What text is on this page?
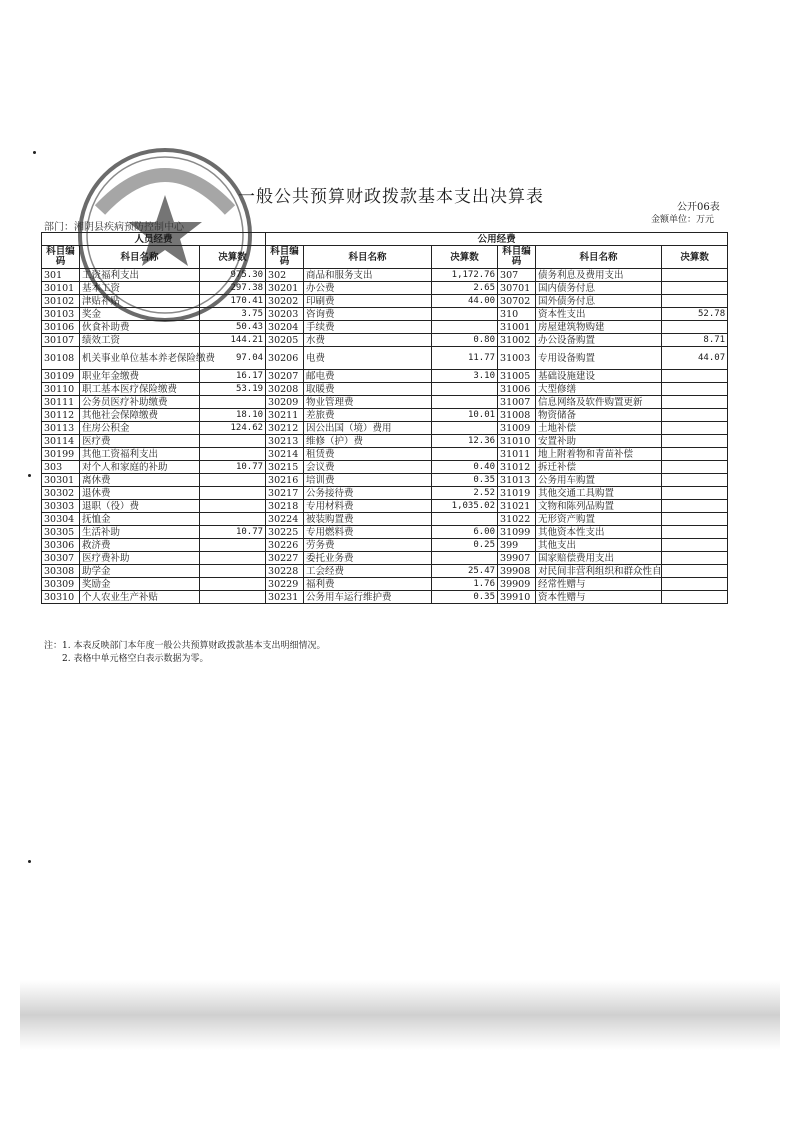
一般公共预算财政拨款基本支出决算表
公开06表
金额单位：万元
部门：湘阴县疾病预防控制中心
人员经费			公用经费					
科目编码	科目名称	决算数	科目编码	科目名称	决算数	科目编码	科目名称	决算数
301	工资福利支出	975.30	302	商品和服务支出	1,172.76	307	债务利息及费用支出	
30101	基本工资	297.38	30201	办公费	2.65	30701	国内债务付息	
30102	津贴补贴	170.41	30202	印刷费	44.00	30702	国外债务付息	
30103	奖金	3.75	30203	咨询费		310	资本性支出	52.78
30106	伙食补助费	50.43	30204	手续费		31001	房屋建筑物购建	
30107	绩效工资	144.21	30205	水费	0.80	31002	办公设备购置	8.71
30108	机关事业单位基本养老保险缴费	97.04	30206	电费	11.77	31003	专用设备购置	44.07
30109	职业年金缴费	16.17	30207	邮电费	3.10	31005	基础设施建设	
30110	职工基本医疗保险缴费	53.19	30208	取暖费		31006	大型修缮	
30111	公务员医疗补助缴费		30209	物业管理费		31007	信息网络及软件购置更新	
30112	其他社会保障缴费	18.10	30211	差旅费	10.01	31008	物资储备	
30113	住房公积金	124.62	30212	因公出国（境）费用		31009	土地补偿	
30114	医疗费		30213	维修（护）费	12.36	31010	安置补助	
30199	其他工资福利支出		30214	租赁费		31011	地上附着物和青苗补偿	
303	对个人和家庭的补助	10.77	30215	会议费	0.40	31012	拆迁补偿	
30301	离休费		30216	培训费	0.35	31013	公务用车购置	
30302	退休费		30217	公务接待费	2.52	31019	其他交通工具购置	
30303	退职（役）费		30218	专用材料费	1,035.02	31021	文物和陈列品购置	
30304	抚恤金		30224	被装购置费		31022	无形资产购置	
30305	生活补助	10.77	30225	专用燃料费	6.00	31099	其他资本性支出	
30306	救济费		30226	劳务费	0.25	399	其他支出	
30307	医疗费补助		30227	委托业务费		39907	国家赔偿费用支出	
30308	助学金		30228	工会经费	25.47	39908	对民间非营利组织和群众性自	
30309	奖励金		30229	福利费	1.76	39909	经常性赠与	
30310	个人农业生产补贴		30231	公务用车运行维护费	0.35	39910	资本性赠与	
注：1. 本表反映部门本年度一般公共预算财政拨款基本支出明细情况。
2. 表格中单元格空白表示数据为零。
